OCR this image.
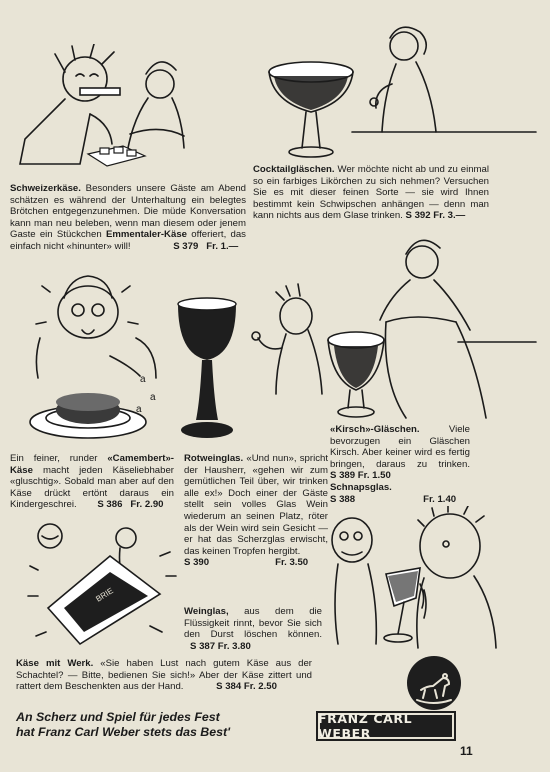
Schweizerkäse. Besonders unsere Gäste am Abend schätzen es während der Unterhaltung ein belegtes Brötchen entgegenzunehmen. Die müde Konversation kann man neu beleben, wenn man diesem oder jenem Gaste ein Stückchen Emmentaler-Käse offeriert, das einfach nicht «hinunter» will!	S 379 Fr. 1.—
Cocktailgläschen. Wer möchte nicht ab und zu einmal so ein farbiges Likörchen zu sich nehmen? Versuchen Sie es mit dieser feinen Sorte — sie wird Ihnen bestimmt kein Schwipschen anhängen — denn man kann nichts aus dem Glase trinken. S 392 Fr. 3.—
a
a
a
Ein feiner, runder «Camembert»-Käse macht jeden Käseliebhaber «gluschtig». Sobald man aber auf den Käse drückt ertönt daraus ein Kindergeschrei. S 386 Fr. 2.90
Rotweinglas. «Und nun», spricht der Hausherr, «gehen wir zum gemütlichen Teil über, wir trinken alle ex!» Doch einer der Gäste stellt sein volles Glas Wein wiederum an seinen Platz, röter als der Wein wird sein Gesicht — er hat das Scherzglas erwischt, das keinen Tropfen hergibt.
S 390	Fr. 3.50
«Kirsch»-Gläschen. Viele bevorzugen ein Gläschen Kirsch. Aber keiner wird es fertig bringen, daraus zu trinken. S 389 Fr. 1.50
Schnapsglas.
S 388	Fr. 1.40
BRIE
Weinglas, aus dem die Flüssigkeit rinnt, bevor Sie sich den Durst löschen können. S 387 Fr. 3.80
Käse mit Werk. «Sie haben Lust nach gutem Käse aus der Schachtel? — Bitte, bedienen Sie sich!» Aber der Käse zittert und rattert dem Beschenkten aus der Hand.	S 384 Fr. 2.50
An Scherz und Spiel für jedes Fest
hat Franz Carl Weber stets das Best'
FRANZ CARL WEBER
11
